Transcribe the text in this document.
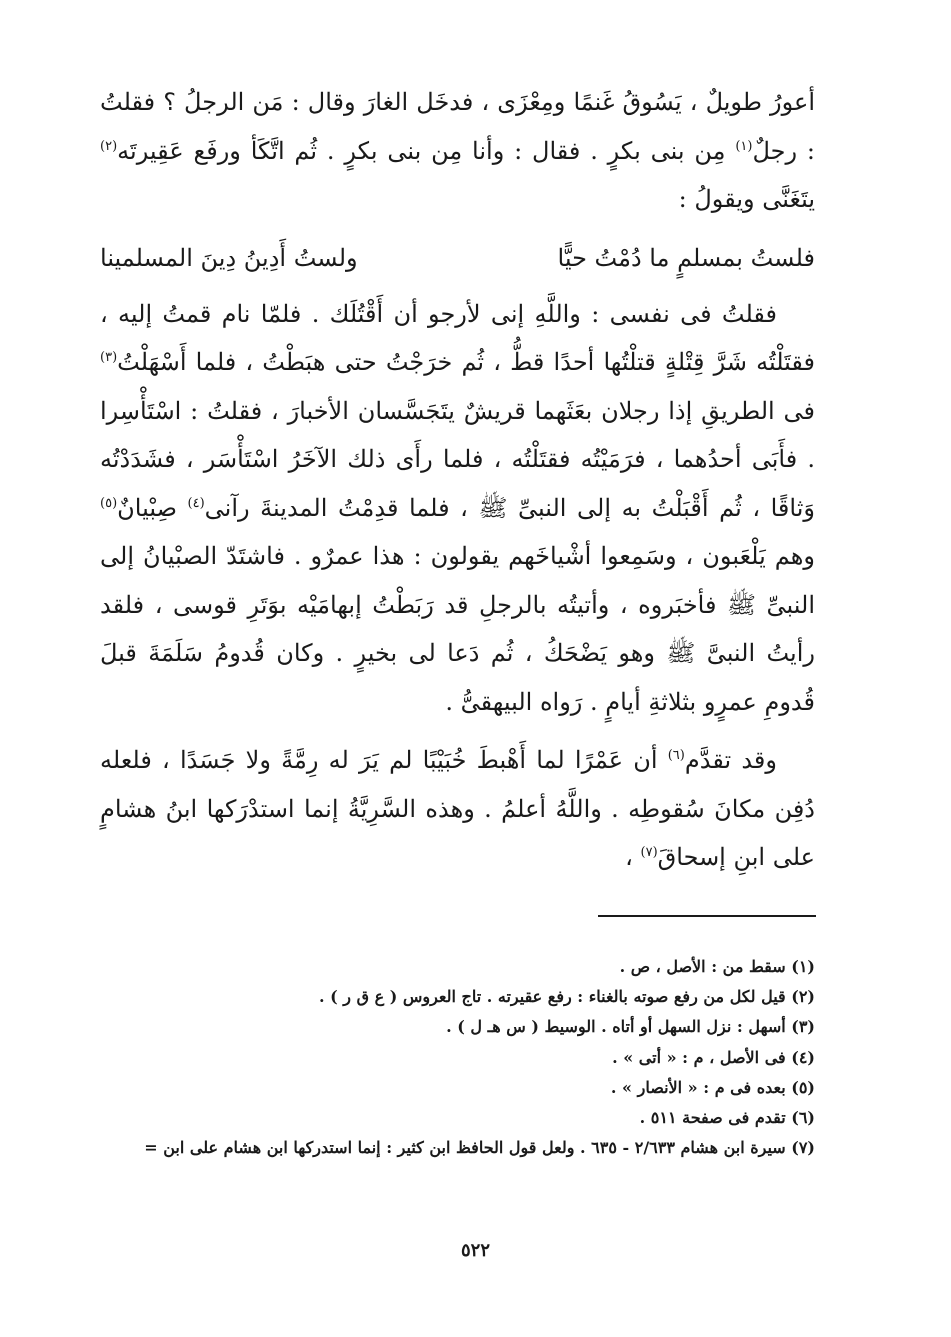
أعورُ طويلٌ ، يَسُوقُ غَنمًا ومِعْزَى ، فدخَل الغارَ وقال : مَن الرجلُ ؟ فقلتُ : رجلٌ$^{(١)}$ مِن بنى بكرٍ . فقال : وأنا مِن بنى بكرٍ . ثُم اتَّكَأ ورفَع عَقِيرتَه$^{(٢)}$ يتَغَنَّى ويقولُ :

فلستُ بمسلمٍ ما دُمْتُ حيًّا
ولستُ أَدِينُ دِينَ المسلمينا

فقلتُ فى نفسى : واللَّهِ إنى لأرجو أن أَقْتُلَك . فلمّا نام قمتُ إليه ، فقتَلْتُه شَرَّ قِتْلةٍ قتلْتُها أحدًا قطُّ ، ثُم خرَجْتُ حتى هبَطْتُ ، فلما أَسْهَلْتُ$^{(٣)}$ فى الطريقِ إذا رجلان بعَثَهما قريشٌ يتَجَسَّسان الأخبارَ ، فقلتُ : اسْتَأْسِرا . فأَبَى أحدُهما ، فرَمَيْتُه فقتَلْتُه ، فلما رأَى ذلك الآخَرُ اسْتَأْسَر ، فشَدَدْتُه وَثاقًا ، ثُم أَقْبَلْتُ به إلى النبىِّ ﷺ ، فلما قدِمْتُ المدينةَ رآنى$^{(٤)}$ صِبْيانٌ$^{(٥)}$ وهم يَلْعَبون ، وسَمِعوا أشْياخَهم يقولون : هذا عمرٌو . فاشتَدّ الصبْيانُ إلى النبىِّ ﷺ فأخبَروه ، وأتيتُه بالرجلِ قد رَبَطْتُ إبهامَيْه بوَتَرِ قوسى ، فلقد رأيتُ النبىَّ ﷺ وهو يَضْحَكُ ، ثُم دَعا لى بخيرٍ . وكان قُدومُ سَلَمَةَ قبلَ قُدومِ عمرٍو بثلاثةِ أيامٍ . رَواه البيهقىُّ .

وقد تقدَّم$^{(٦)}$ أن عَمْرًا لما أَهْبطَ خُبَيْبًا لم يَرَ له رِمَّةً ولا جَسَدًا ، فلعله دُفِن مكانَ سُقوطِه . واللَّهُ أعلمُ . وهذه السَّرِيَّةُ إنما استدْرَكها ابنُ هشامٍ على ابنِ إسحاقَ$^{(٧)}$ ،

(١) سقط من : الأصل ، ص .
(٢) قيل لكل من رفع صوته بالغناء : رفع عقيرته . تاج العروس ( ع ق ر ) .
(٣) أسهل : نزل السهل أو أتاه . الوسيط ( س هـ ل ) .
(٤) فى الأصل ، م : « أتى » .
(٥) بعده فى م : « الأنصار » .
(٦) تقدم فى صفحة ٥١١ .
(٧) سيرة ابن هشام ٢/٦٣٣ - ٦٣٥ . ولعل قول الحافظ ابن كثير : إنما استدركها ابن هشام على ابن =
٥٢٢
